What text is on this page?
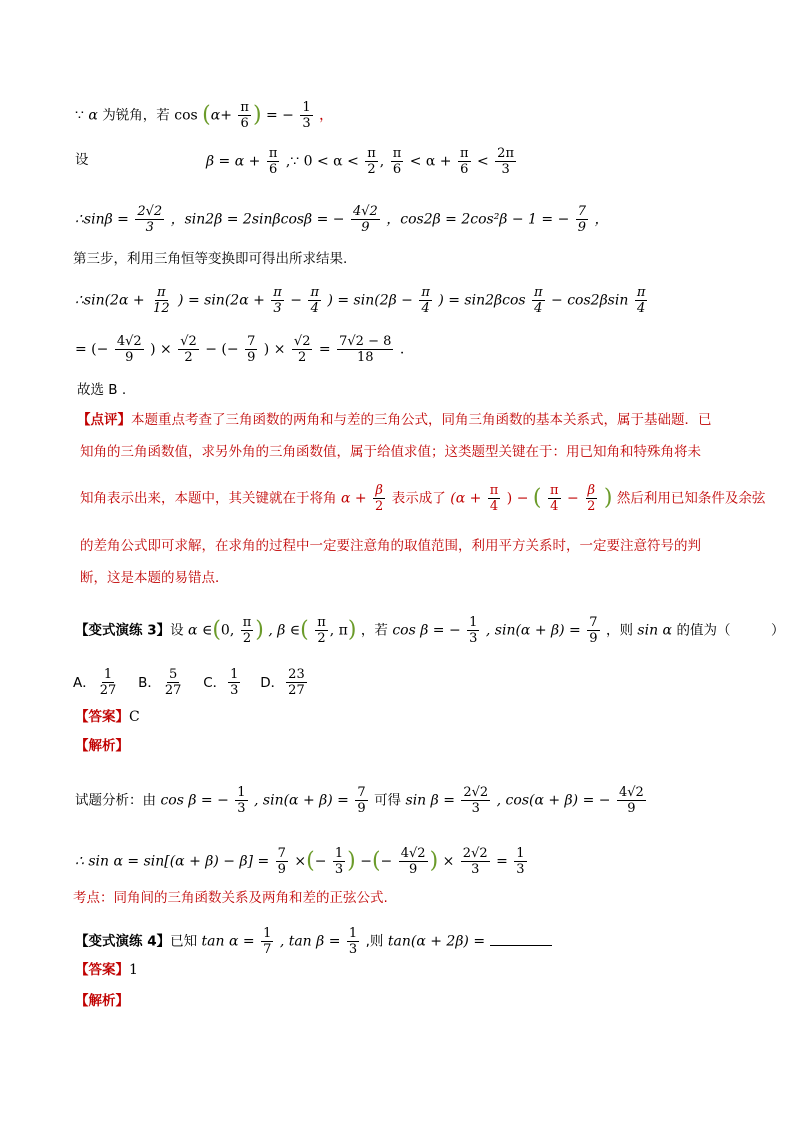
∵ α 为锐角，若 $\cos (\alpha+ \frac{\pi}{6}$ ) = − $\frac{1}{3}$ ，
设	$\beta = \alpha + \frac{\pi}{6}$ ,∵ $0 < \alpha < \frac{\pi}{2}$ , $\frac{\pi}{6} < \alpha + \frac{\pi}{6} < \frac{2\pi}{3}$
∴sinβ = $\frac{2√2}{3}$ ，sin2β = 2sinβcosβ = − $\frac{4√2}{9}$ ，cos2β = 2cos²β − 1 = − $\frac{7}{9}$ ，
第三步，利用三角恒等变换即可得出所求结果.
∴sin(2α + $\frac{\pi}{12}$ ) = $\sin(2\alpha + \frac{\pi}{3} - \frac{\pi}{4}$ ) = $\sin(2\beta - \frac{\pi}{4}$ ) = $\sin 2\beta\cos \frac{\pi}{4} - \cos 2\beta\sin \frac{\pi}{4}$
= (− $\frac{4√2}{9}$ ) × $\frac{√2}{2}$ − (− $\frac{7}{9}$ ) × $\frac{√2}{2} = \frac{7√2 - 8}{18}$ .
故选 B .
【点评】本题重点考查了三角函数的两角和与差的三角公式，同角三角函数的基本关系式，属于基础题．已
知角的三角函数值，求另外角的三角函数值，属于给值求值；这类题型关键在于：用已知角和特殊角将未
知角表示出来，本题中，其关键就在于将角 $\alpha + \frac{\beta}{2}$ 表示成了 ($\alpha + \frac{\pi}{4}$ ) − ( $\frac{\pi}{4} - \frac{\beta}{2}$ ) 然后利用已知条件及余弦
的差角公式即可求解，在求角的过程中一定要注意角的取值范围，利用平方关系时，一定要注意符号的判
断，这是本题的易错点．
【变式演练 3】设 α ∈(0, $\frac{\pi}{2}$ ) , β ∈( $\frac{\pi}{2}$ , π) ，若 cos β = − $\frac{1}{3}$ , $\sin(\alpha + \beta) = \frac{7}{9}$ ，则 sin α 的值为（　　　）
A． $\frac{1}{27}$ B． $\frac{5}{27}$ C． $\frac{1}{3}$ D． $\frac{23}{27}$
【答案】C
【解析】
试题分析：由 cos β = − $\frac{1}{3}$ , $\sin(\alpha + \beta) = \frac{7}{9}$ 可得 $\sin \beta = \frac{2√2}{3}$ , cos(α + β) = − $\frac{4√2}{9}$
∴ $\sin \alpha = \sin[(\alpha + \beta) - \beta] = \frac{7}{9}$ ×(− $\frac{1}{3}$ ) −(− $\frac{4√2}{9}$ ) × $\frac{2√2}{3} = \frac{1}{3}$
考点：同角间的三角函数关系及两角和差的正弦公式.
【变式演练 4】已知 $\tan \alpha = \frac{1}{7}$ , $\tan \beta = \frac{1}{3}$ ,则 tan(α + 2β) =
【答案】1
【解析】
